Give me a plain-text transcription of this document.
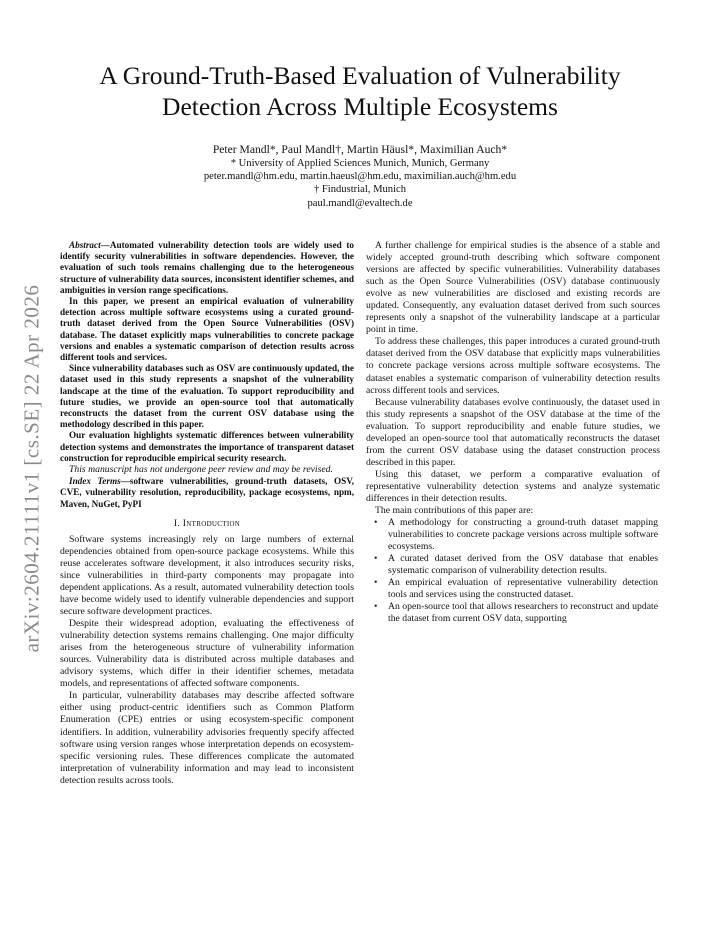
arXiv:2604.21111v1 [cs.SE] 22 Apr 2026
A Ground-Truth-Based Evaluation of Vulnerability Detection Across Multiple Ecosystems
Peter Mandl*, Paul Mandl†, Martin Häusl*, Maximilian Auch*
* University of Applied Sciences Munich, Munich, Germany
peter.mandl@hm.edu, martin.haeusl@hm.edu, maximilian.auch@hm.edu
† Findustrial, Munich
paul.mandl@evaltech.de

Abstract—Automated vulnerability detection tools are widely used to identify security vulnerabilities in software dependencies. However, the evaluation of such tools remains challenging due to the heterogeneous structure of vulnerability data sources, inconsistent identifier schemes, and ambiguities in version range specifications.

In this paper, we present an empirical evaluation of vulnerability detection across multiple software ecosystems using a curated ground-truth dataset derived from the Open Source Vulnerabilities (OSV) database. The dataset explicitly maps vulnerabilities to concrete package versions and enables a systematic comparison of detection results across different tools and services.

Since vulnerability databases such as OSV are continuously updated, the dataset used in this study represents a snapshot of the vulnerability landscape at the time of the evaluation. To support reproducibility and future studies, we provide an open-source tool that automatically reconstructs the dataset from the current OSV database using the methodology described in this paper.

Our evaluation highlights systematic differences between vulnerability detection systems and demonstrates the importance of transparent dataset construction for reproducible empirical security research.

This manuscript has not undergone peer review and may be revised.

Index Terms—software vulnerabilities, ground-truth datasets, OSV, CVE, vulnerability resolution, reproducibility, package ecosystems, npm, Maven, NuGet, PyPI

I. Introduction

Software systems increasingly rely on large numbers of external dependencies obtained from open-source package ecosystems. While this reuse accelerates software development, it also introduces security risks, since vulnerabilities in third-party components may propagate into dependent applications. As a result, automated vulnerability detection tools have become widely used to identify vulnerable dependencies and support secure software development practices.

Despite their widespread adoption, evaluating the effectiveness of vulnerability detection systems remains challenging. One major difficulty arises from the heterogeneous structure of vulnerability information sources. Vulnerability data is distributed across multiple databases and advisory systems, which differ in their identifier schemes, metadata models, and representations of affected software components.

In particular, vulnerability databases may describe affected software either using product-centric identifiers such as Common Platform Enumeration (CPE) entries or using ecosystem-specific component identifiers. In addition, vulnerability advisories frequently specify affected software using version ranges whose interpretation depends on ecosystem-specific versioning rules. These differences complicate the automated interpretation of vulnerability information and may lead to inconsistent detection results across tools.

A further challenge for empirical studies is the absence of a stable and widely accepted ground-truth describing which software component versions are affected by specific vulnerabilities. Vulnerability databases such as the Open Source Vulnerabilities (OSV) database continuously evolve as new vulnerabilities are disclosed and existing records are updated. Consequently, any evaluation dataset derived from such sources represents only a snapshot of the vulnerability landscape at a particular point in time.

To address these challenges, this paper introduces a curated ground-truth dataset derived from the OSV database that explicitly maps vulnerabilities to concrete package versions across multiple software ecosystems. The dataset enables a systematic comparison of vulnerability detection results across different tools and services.

Because vulnerability databases evolve continuously, the dataset used in this study represents a snapshot of the OSV database at the time of the evaluation. To support reproducibility and enable future studies, we developed an open-source tool that automatically reconstructs the dataset from the current OSV database using the dataset construction process described in this paper.

Using this dataset, we perform a comparative evaluation of representative vulnerability detection systems and analyze systematic differences in their detection results.

The main contributions of this paper are:

• A methodology for constructing a ground-truth dataset mapping vulnerabilities to concrete package versions across multiple software ecosystems.
• A curated dataset derived from the OSV database that enables systematic comparison of vulnerability detection results.
• An empirical evaluation of representative vulnerability detection tools and services using the constructed dataset.
• An open-source tool that allows researchers to reconstruct and update the dataset from current OSV data, supporting
